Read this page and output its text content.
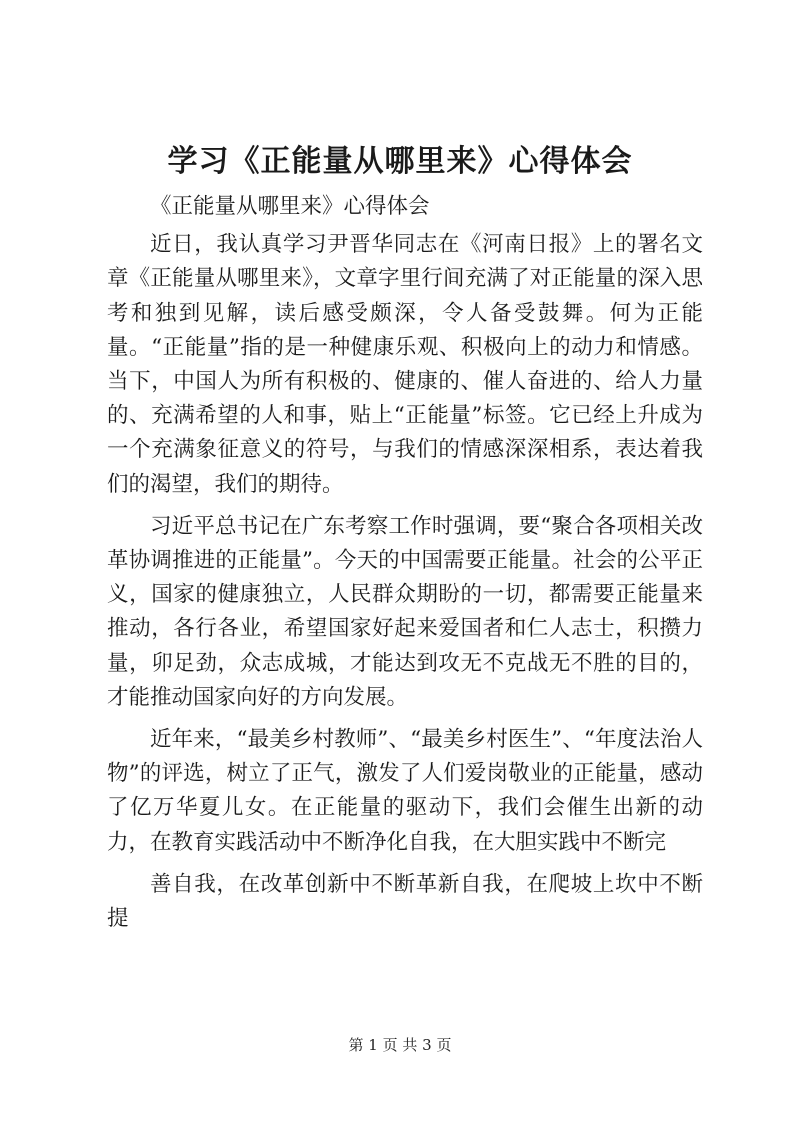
学习《正能量从哪里来》心得体会

《正能量从哪里来》心得体会

近日，我认真学习尹晋华同志在《河南日报》上的署名文章《正能量从哪里来》，文章字里行间充满了对正能量的深入思考和独到见解，读后感受颇深，令人备受鼓舞。何为正能量。“正能量”指的是一种健康乐观、积极向上的动力和情感。当下，中国人为所有积极的、健康的、催人奋进的、给人力量的、充满希望的人和事，贴上“正能量”标签。它已经上升成为一个充满象征意义的符号，与我们的情感深深相系，表达着我们的渴望，我们的期待。

习近平总书记在广东考察工作时强调，要“聚合各项相关改革协调推进的正能量”。今天的中国需要正能量。社会的公平正义，国家的健康独立，人民群众期盼的一切，都需要正能量来推动，各行各业，希望国家好起来爱国者和仁人志士，积攒力量，卯足劲，众志成城，才能达到攻无不克战无不胜的目的，才能推动国家向好的方向发展。

近年来，“最美乡村教师”、“最美乡村医生”、“年度法治人物”的评选，树立了正气，激发了人们爱岗敬业的正能量，感动了亿万华夏儿女。在正能量的驱动下，我们会催生出新的动力，在教育实践活动中不断净化自我，在大胆实践中不断完

善自我，在改革创新中不断革新自我，在爬坡上坎中不断提

第 1 页 共 3 页
